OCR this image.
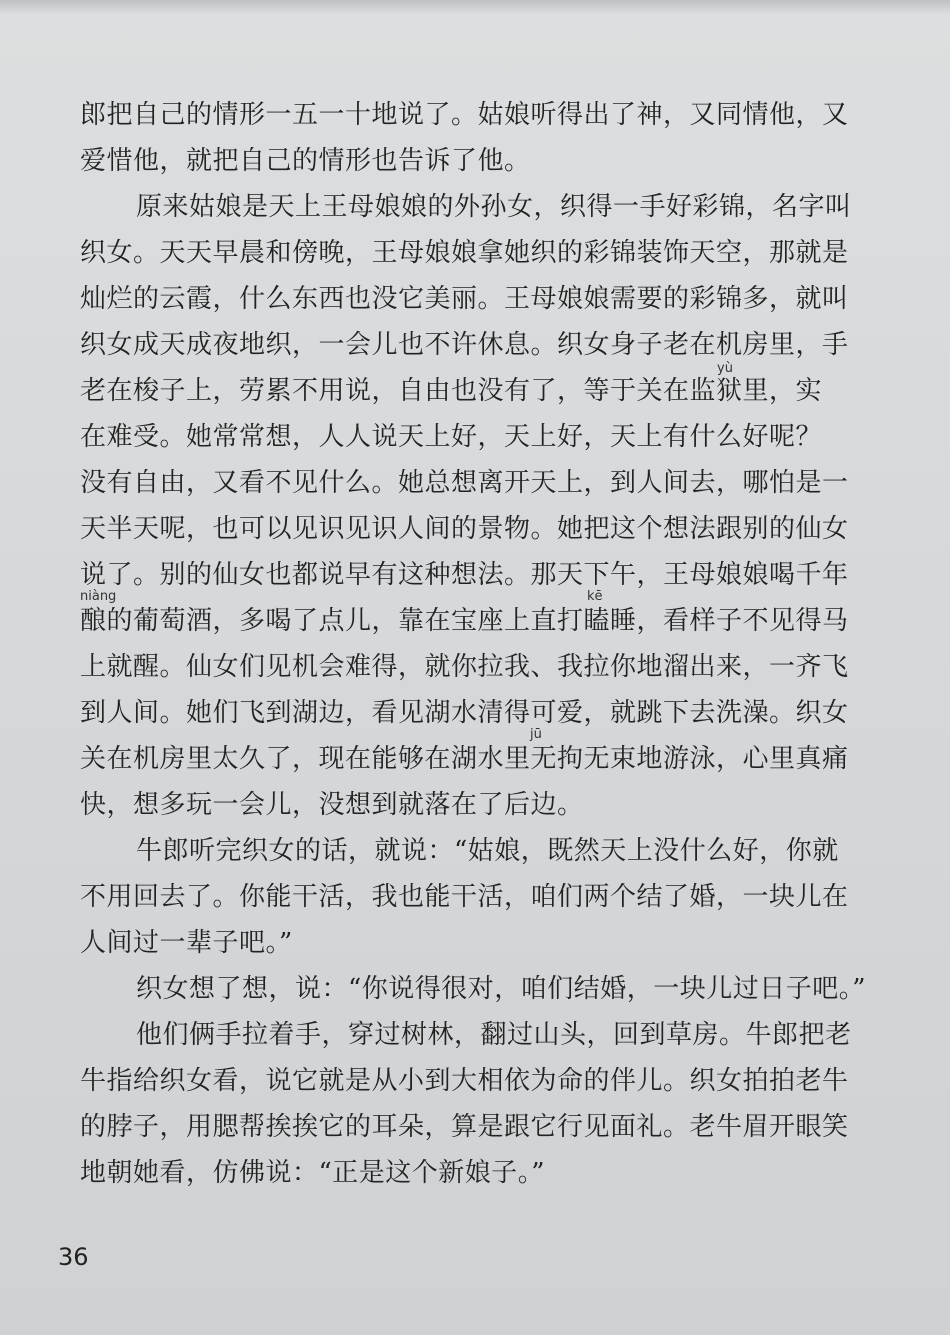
郎把自己的情形一五一十地说了。姑娘听得出了神，又同情他，又
爱惜他，就把自己的情形也告诉了他。
原来姑娘是天上王母娘娘的外孙女，织得一手好彩锦，名字叫
织女。天天早晨和傍晚，王母娘娘拿她织的彩锦装饰天空，那就是
灿烂的云霞，什么东西也没它美丽。王母娘娘需要的彩锦多，就叫
织女成天成夜地织，一会儿也不许休息。织女身子老在机房里，手
yù
老在梭子上，劳累不用说，自由也没有了，等于关在监狱里，实
在难受。她常常想，人人说天上好，天上好，天上有什么好呢？
没有自由，又看不见什么。她总想离开天上，到人间去，哪怕是一
天半天呢，也可以见识见识人间的景物。她把这个想法跟别的仙女
说了。别的仙女也都说早有这种想法。那天下午，王母娘娘喝千年
niàng	kē
酿的葡萄酒，多喝了点儿，靠在宝座上直打瞌睡，看样子不见得马
上就醒。仙女们见机会难得，就你拉我、我拉你地溜出来，一齐飞
到人间。她们飞到湖边，看见湖水清得可爱，就跳下去洗澡。织女
jū
关在机房里太久了，现在能够在湖水里无拘无束地游泳，心里真痛
快，想多玩一会儿，没想到就落在了后边。
牛郎听完织女的话，就说：“姑娘，既然天上没什么好，你就
不用回去了。你能干活，我也能干活，咱们两个结了婚，一块儿在
人间过一辈子吧。”
织女想了想，说：“你说得很对，咱们结婚，一块儿过日子吧。”
他们俩手拉着手，穿过树林，翻过山头，回到草房。牛郎把老
牛指给织女看，说它就是从小到大相依为命的伴儿。织女拍拍老牛
的脖子，用腮帮挨挨它的耳朵，算是跟它行见面礼。老牛眉开眼笑
地朝她看，仿佛说：“正是这个新娘子。”
36
